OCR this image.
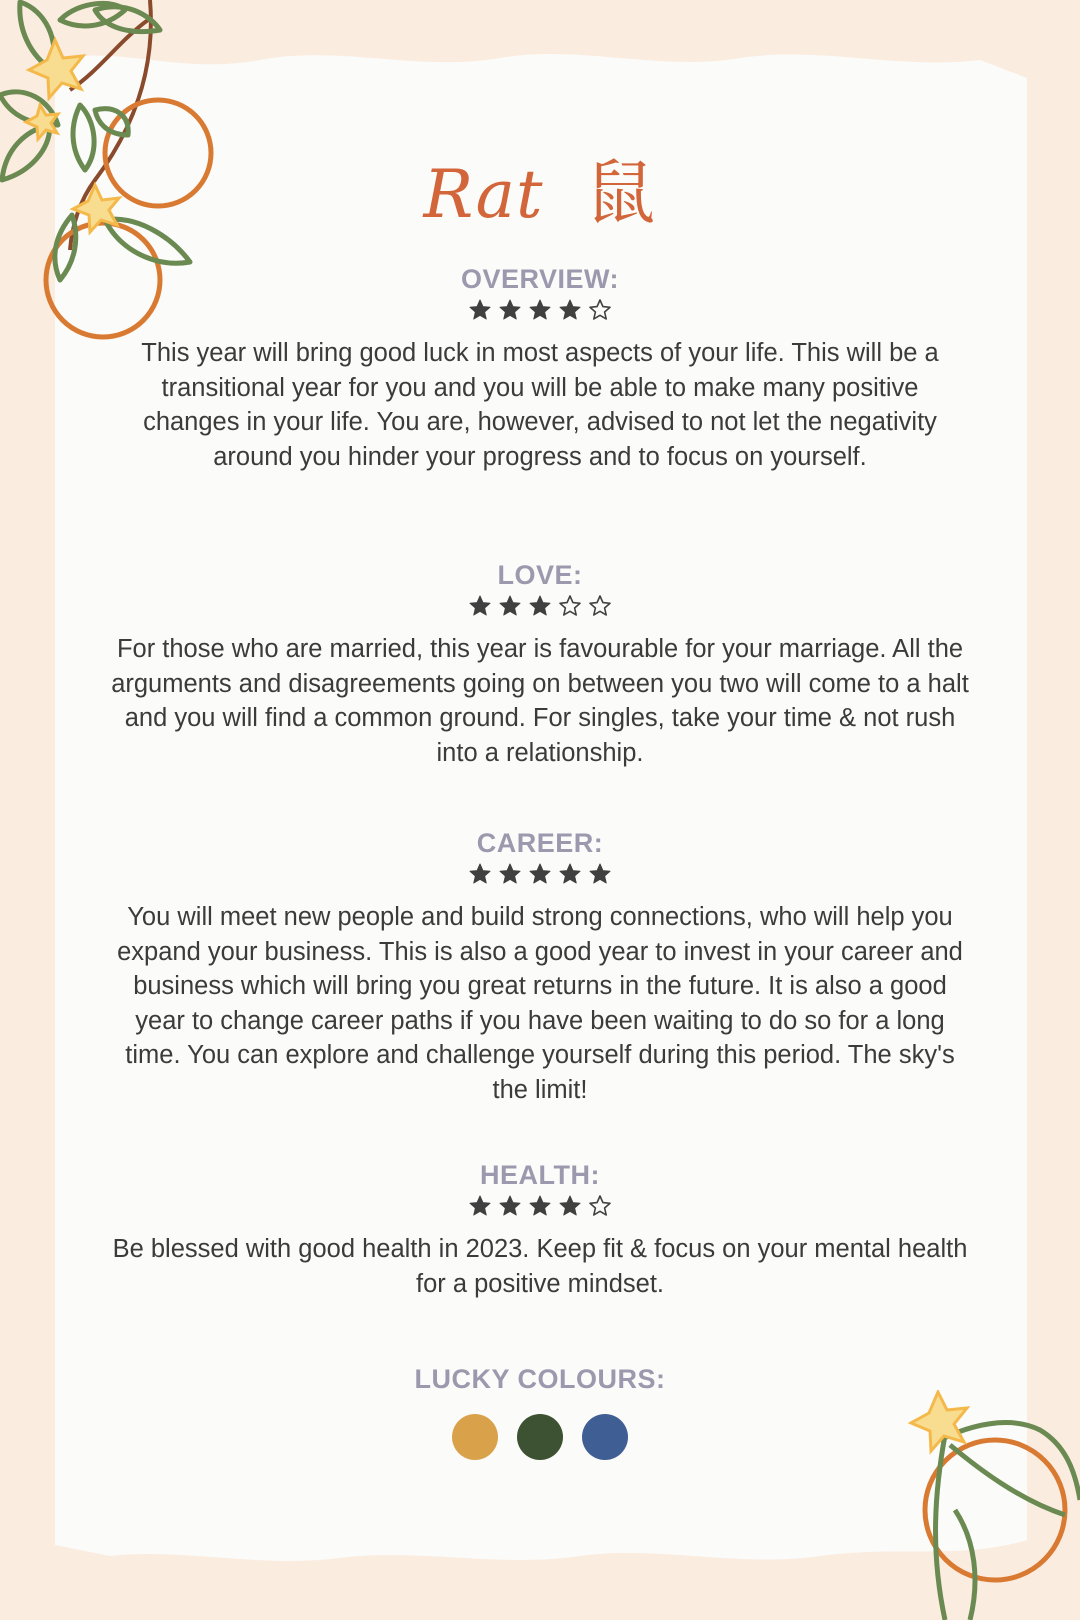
Rat 鼠
OVERVIEW:
This year will bring good luck in most aspects of your life. This will be a transitional year for you and you will be able to make many positive changes in your life. You are, however, advised to not let the negativity around you hinder your progress and to focus on yourself.
LOVE:
For those who are married, this year is favourable for your marriage. All the arguments and disagreements going on between you two will come to a halt and you will find a common ground. For singles, take your time & not rush into a relationship.
CAREER:
You will meet new people and build strong connections, who will help you expand your business. This is also a good year to invest in your career and business which will bring you great returns in the future. It is also a good year to change career paths if you have been waiting to do so for a long time. You can explore and challenge yourself during this period. The sky's the limit!
HEALTH:
Be blessed with good health in 2023. Keep fit & focus on your mental health for a positive mindset.
LUCKY COLOURS:
